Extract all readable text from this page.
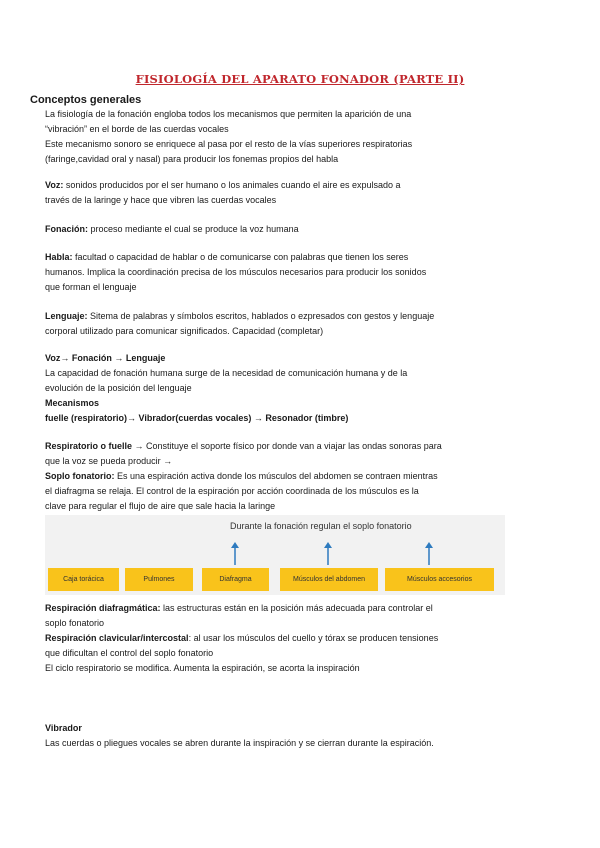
FISIOLOGÍA DEL APARATO FONADOR (PARTE II)
Conceptos generales
La fisiología de la fonación engloba todos los mecanismos que permiten la aparición de una
“vibración” en el borde de las cuerdas vocales
Este mecanismo sonoro se enriquece al pasa por el resto de la vías superiores respiratorias
(faringe,cavidad oral y nasal) para producir los fonemas propios del habla
Voz: sonidos producidos por el ser humano o los animales cuando el aire es expulsado a
través de la laringe y hace que vibren las cuerdas vocales
Fonación: proceso mediante el cual se produce la voz humana
Habla: facultad o capacidad de hablar o de comunicarse con palabras que tienen los seres
humanos. Implica la coordinación precisa de los músculos necesarios para producir los sonidos
que forman el lenguaje
Lenguaje: Sitema de palabras y símbolos escritos, hablados o ezpresados con gestos y lenguaje
corporal utilizado para comunicar significados. Capacidad (completar)
Voz→ Fonación → Lenguaje
La capacidad de fonación humana surge de la necesidad de comunicación humana y de la
evolución de la posición del lenguaje
Mecanismos
fuelle (respiratorio)→ Vibrador(cuerdas vocales) → Resonador (timbre)
Respiratorio o fuelle → Constituye el soporte físico por donde van a viajar las ondas sonoras para
que la voz se pueda producir →
Soplo fonatorio: Es una espiración activa donde los músculos del abdomen se contraen mientras
el diafragma se relaja. El control de la espiración por acción coordinada de los músculos es la
clave para regular el flujo de aire que sale hacia la laringe
Durante la fonación regulan el soplo fonatorio
Caja torácica	Pulmones	Diafragma	Músculos del abdomen	Músculos accesorios
Respiración diafragmática: las estructuras están en la posición más adecuada para controlar el
soplo fonatorio
Respiración clavicular/intercostal: al usar los músculos del cuello y tórax se producen tensiones
que dificultan el control del soplo fonatorio
El ciclo respiratorio se modifica. Aumenta la espiración, se acorta la inspiración
Vibrador
Las cuerdas o pliegues vocales se abren durante la inspiración y se cierran durante la espiración.
